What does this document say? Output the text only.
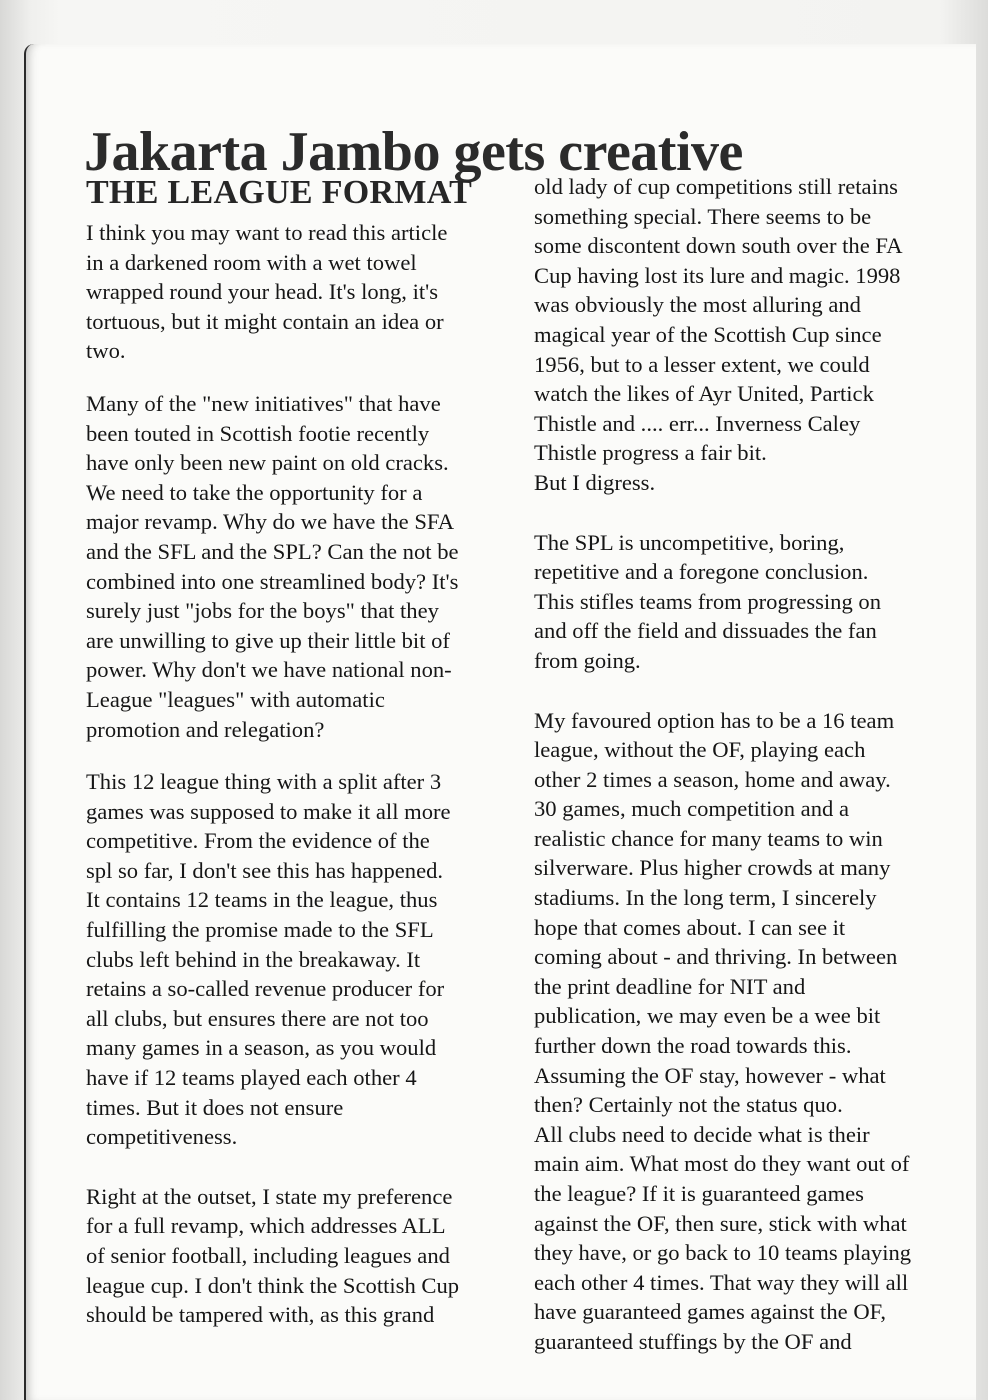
Jakarta Jambo gets creative
THE LEAGUE FORMAT

I think you may want to read this article
in a darkened room with a wet towel
wrapped round your head. It's long, it's
tortuous, but it might contain an idea or
two.

Many of the "new initiatives" that have
been touted in Scottish footie recently
have only been new paint on old cracks.
We need to take the opportunity for a
major revamp. Why do we have the SFA
and the SFL and the SPL? Can the not be
combined into one streamlined body? It's
surely just "jobs for the boys" that they
are unwilling to give up their little bit of
power. Why don't we have national non-
League "leagues" with automatic
promotion and relegation?

This 12 league thing with a split after 3
games was supposed to make it all more
competitive. From the evidence of the
spl so far, I don't see this has happened.
It contains 12 teams in the league, thus
fulfilling the promise made to the SFL
clubs left behind in the breakaway. It
retains a so-called revenue producer for
all clubs, but ensures there are not too
many games in a season, as you would
have if 12 teams played each other 4
times. But it does not ensure
competitiveness.

Right at the outset, I state my preference
for a full revamp, which addresses ALL
of senior football, including leagues and
league cup. I don't think the Scottish Cup
should be tampered with, as this grand

old lady of cup competitions still retains
something special. There seems to be
some discontent down south over the FA
Cup having lost its lure and magic. 1998
was obviously the most alluring and
magical year of the Scottish Cup since
1956, but to a lesser extent, we could
watch the likes of Ayr United, Partick
Thistle and .... err... Inverness Caley
Thistle progress a fair bit.
But I digress.

The SPL is uncompetitive, boring,
repetitive and a foregone conclusion.
This stifles teams from progressing on
and off the field and dissuades the fan
from going.

My favoured option has to be a 16 team
league, without the OF, playing each
other 2 times a season, home and away.
30 games, much competition and a
realistic chance for many teams to win
silverware. Plus higher crowds at many
stadiums. In the long term, I sincerely
hope that comes about. I can see it
coming about - and thriving. In between
the print deadline for NIT and
publication, we may even be a wee bit
further down the road towards this.
Assuming the OF stay, however - what
then? Certainly not the status quo.
All clubs need to decide what is their
main aim. What most do they want out of
the league? If it is guaranteed games
against the OF, then sure, stick with what
they have, or go back to 10 teams playing
each other 4 times. That way they will all
have guaranteed games against the OF,
guaranteed stuffings by the OF and
